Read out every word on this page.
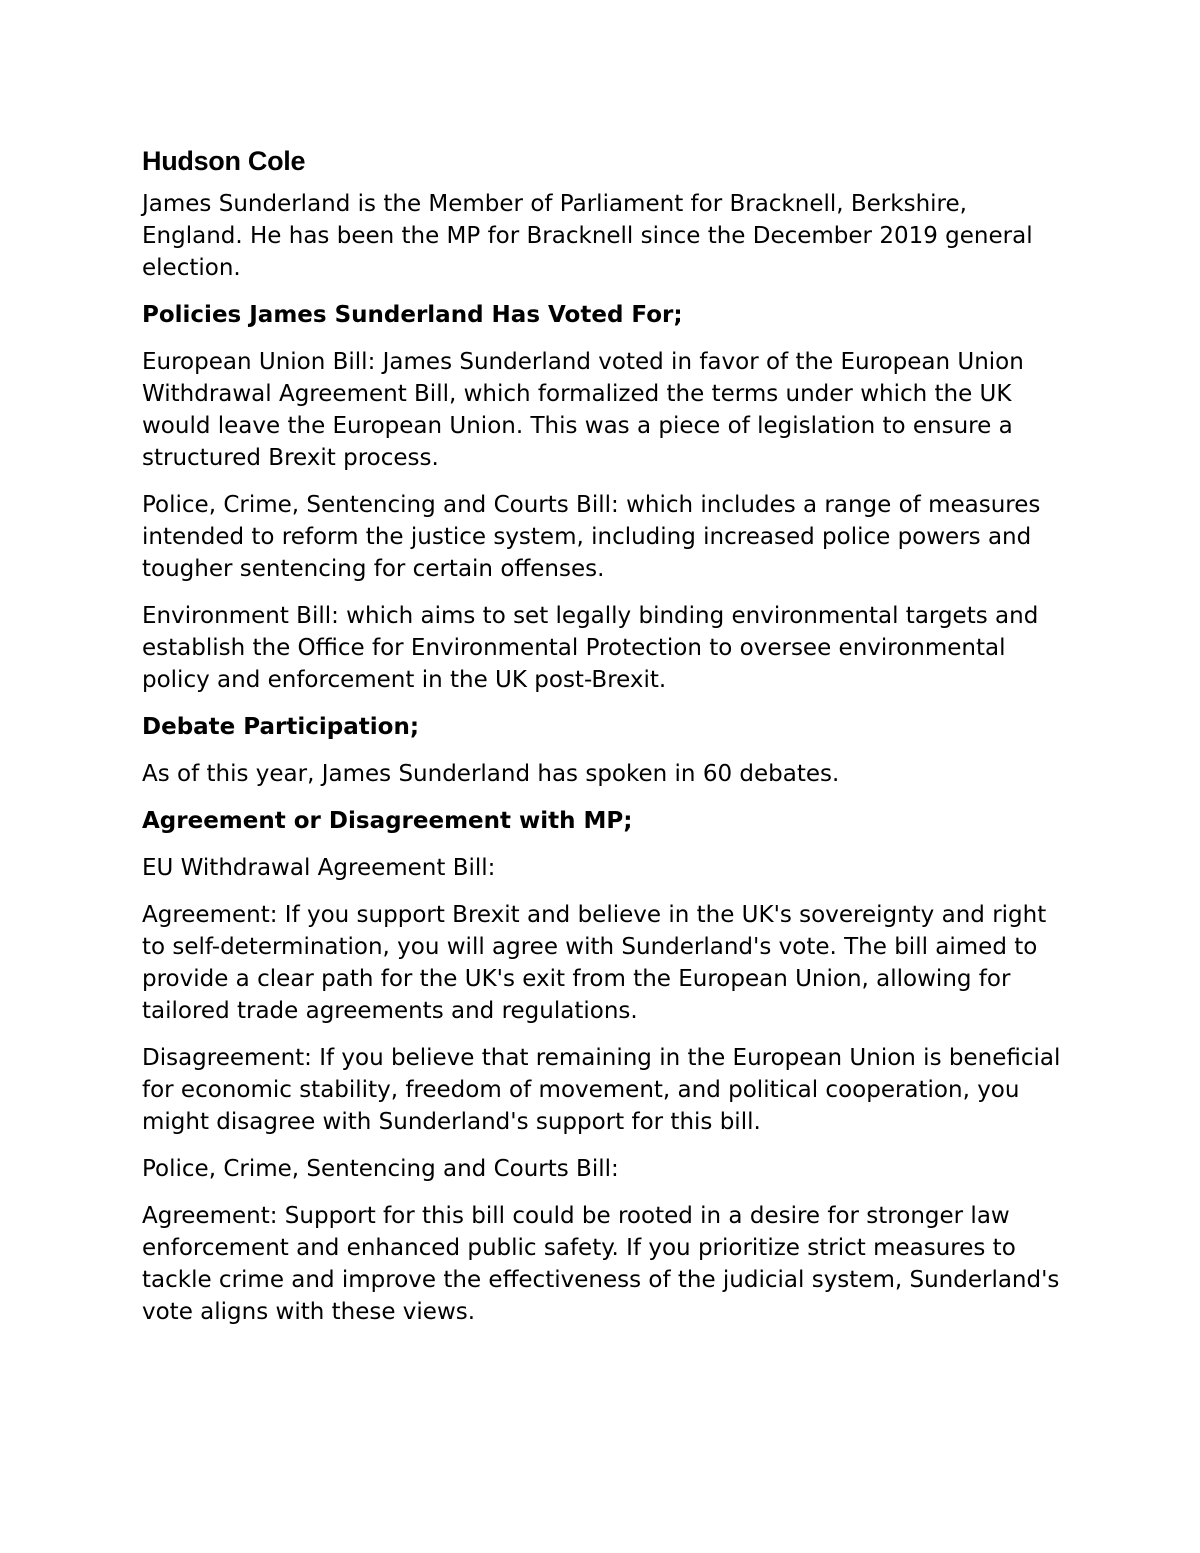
Hudson Cole

James Sunderland is the Member of Parliament for Bracknell, Berkshire, England. He has been the MP for Bracknell since the December 2019 general election.

Policies James Sunderland Has Voted For;

European Union Bill: James Sunderland voted in favor of the European Union Withdrawal Agreement Bill, which formalized the terms under which the UK would leave the European Union. This was a piece of legislation to ensure a structured Brexit process.

Police, Crime, Sentencing and Courts Bill: which includes a range of measures intended to reform the justice system, including increased police powers and tougher sentencing for certain offenses.

Environment Bill: which aims to set legally binding environmental targets and establish the Office for Environmental Protection to oversee environmental policy and enforcement in the UK post-Brexit.

Debate Participation;

As of this year, James Sunderland has spoken in 60 debates.

Agreement or Disagreement with MP;

EU Withdrawal Agreement Bill:

Agreement: If you support Brexit and believe in the UK's sovereignty and right to self-determination, you will agree with Sunderland's vote. The bill aimed to provide a clear path for the UK's exit from the European Union, allowing for tailored trade agreements and regulations.

Disagreement: If you believe that remaining in the European Union is beneficial for economic stability, freedom of movement, and political cooperation, you might disagree with Sunderland's support for this bill.

Police, Crime, Sentencing and Courts Bill:

Agreement: Support for this bill could be rooted in a desire for stronger law enforcement and enhanced public safety. If you prioritize strict measures to tackle crime and improve the effectiveness of the judicial system, Sunderland's vote aligns with these views.
